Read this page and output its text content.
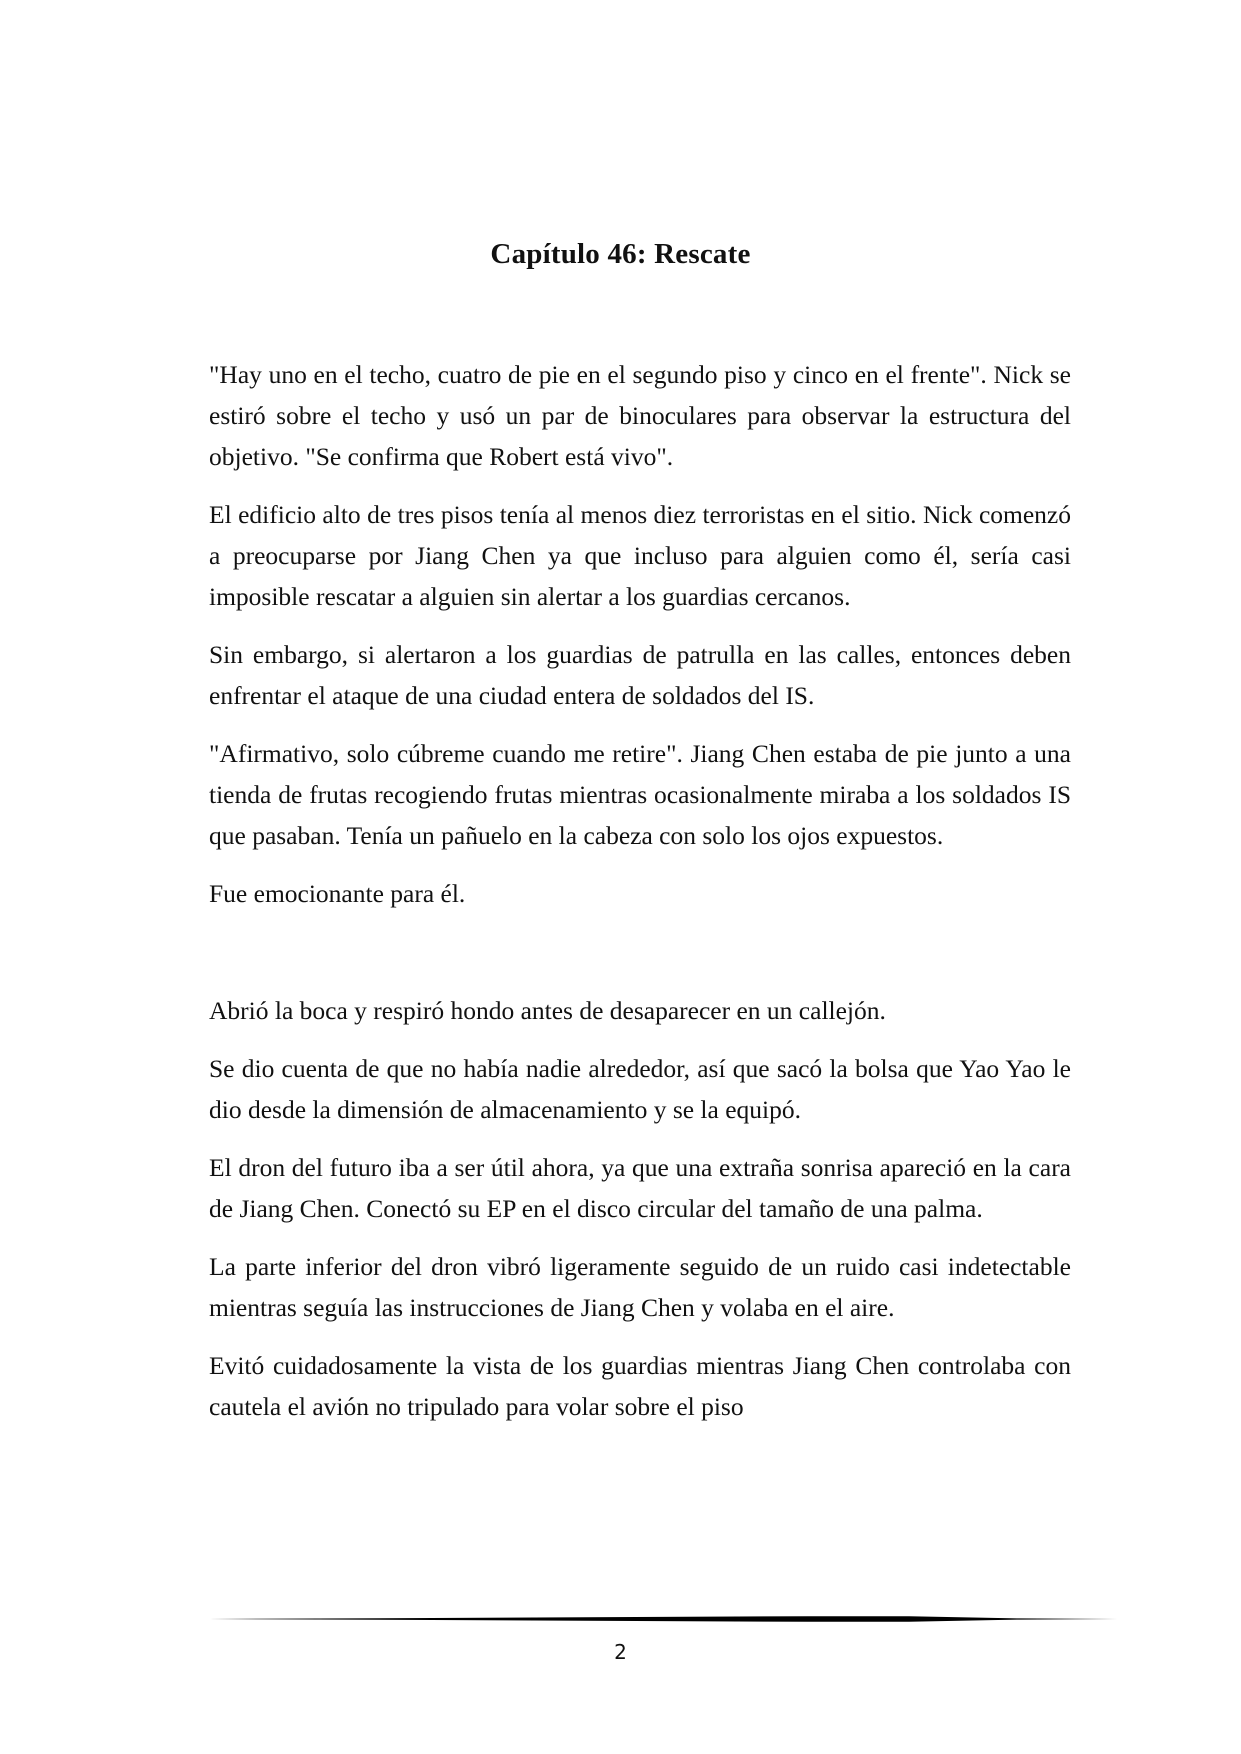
Capítulo 46: Rescate

"Hay uno en el techo, cuatro de pie en el segundo piso y cinco en el frente". Nick se estiró sobre el techo y usó un par de binoculares para observar la estructura del objetivo. "Se confirma que Robert está vivo".

El edificio alto de tres pisos tenía al menos diez terroristas en el sitio. Nick comenzó a preocuparse por Jiang Chen ya que incluso para alguien como él, sería casi imposible rescatar a alguien sin alertar a los guardias cercanos.

Sin embargo, si alertaron a los guardias de patrulla en las calles, entonces deben enfrentar el ataque de una ciudad entera de soldados del IS.

"Afirmativo, solo cúbreme cuando me retire". Jiang Chen estaba de pie junto a una tienda de frutas recogiendo frutas mientras ocasionalmente miraba a los soldados IS que pasaban. Tenía un pañuelo en la cabeza con solo los ojos expuestos.

Fue emocionante para él.

Abrió la boca y respiró hondo antes de desaparecer en un callejón.

Se dio cuenta de que no había nadie alrededor, así que sacó la bolsa que Yao Yao le dio desde la dimensión de almacenamiento y se la equipó.

El dron del futuro iba a ser útil ahora, ya que una extraña sonrisa apareció en la cara de Jiang Chen. Conectó su EP en el disco circular del tamaño de una palma.

La parte inferior del dron vibró ligeramente seguido de un ruido casi indetectable mientras seguía las instrucciones de Jiang Chen y volaba en el aire.

Evitó cuidadosamente la vista de los guardias mientras Jiang Chen controlaba con cautela el avión no tripulado para volar sobre el piso

2
